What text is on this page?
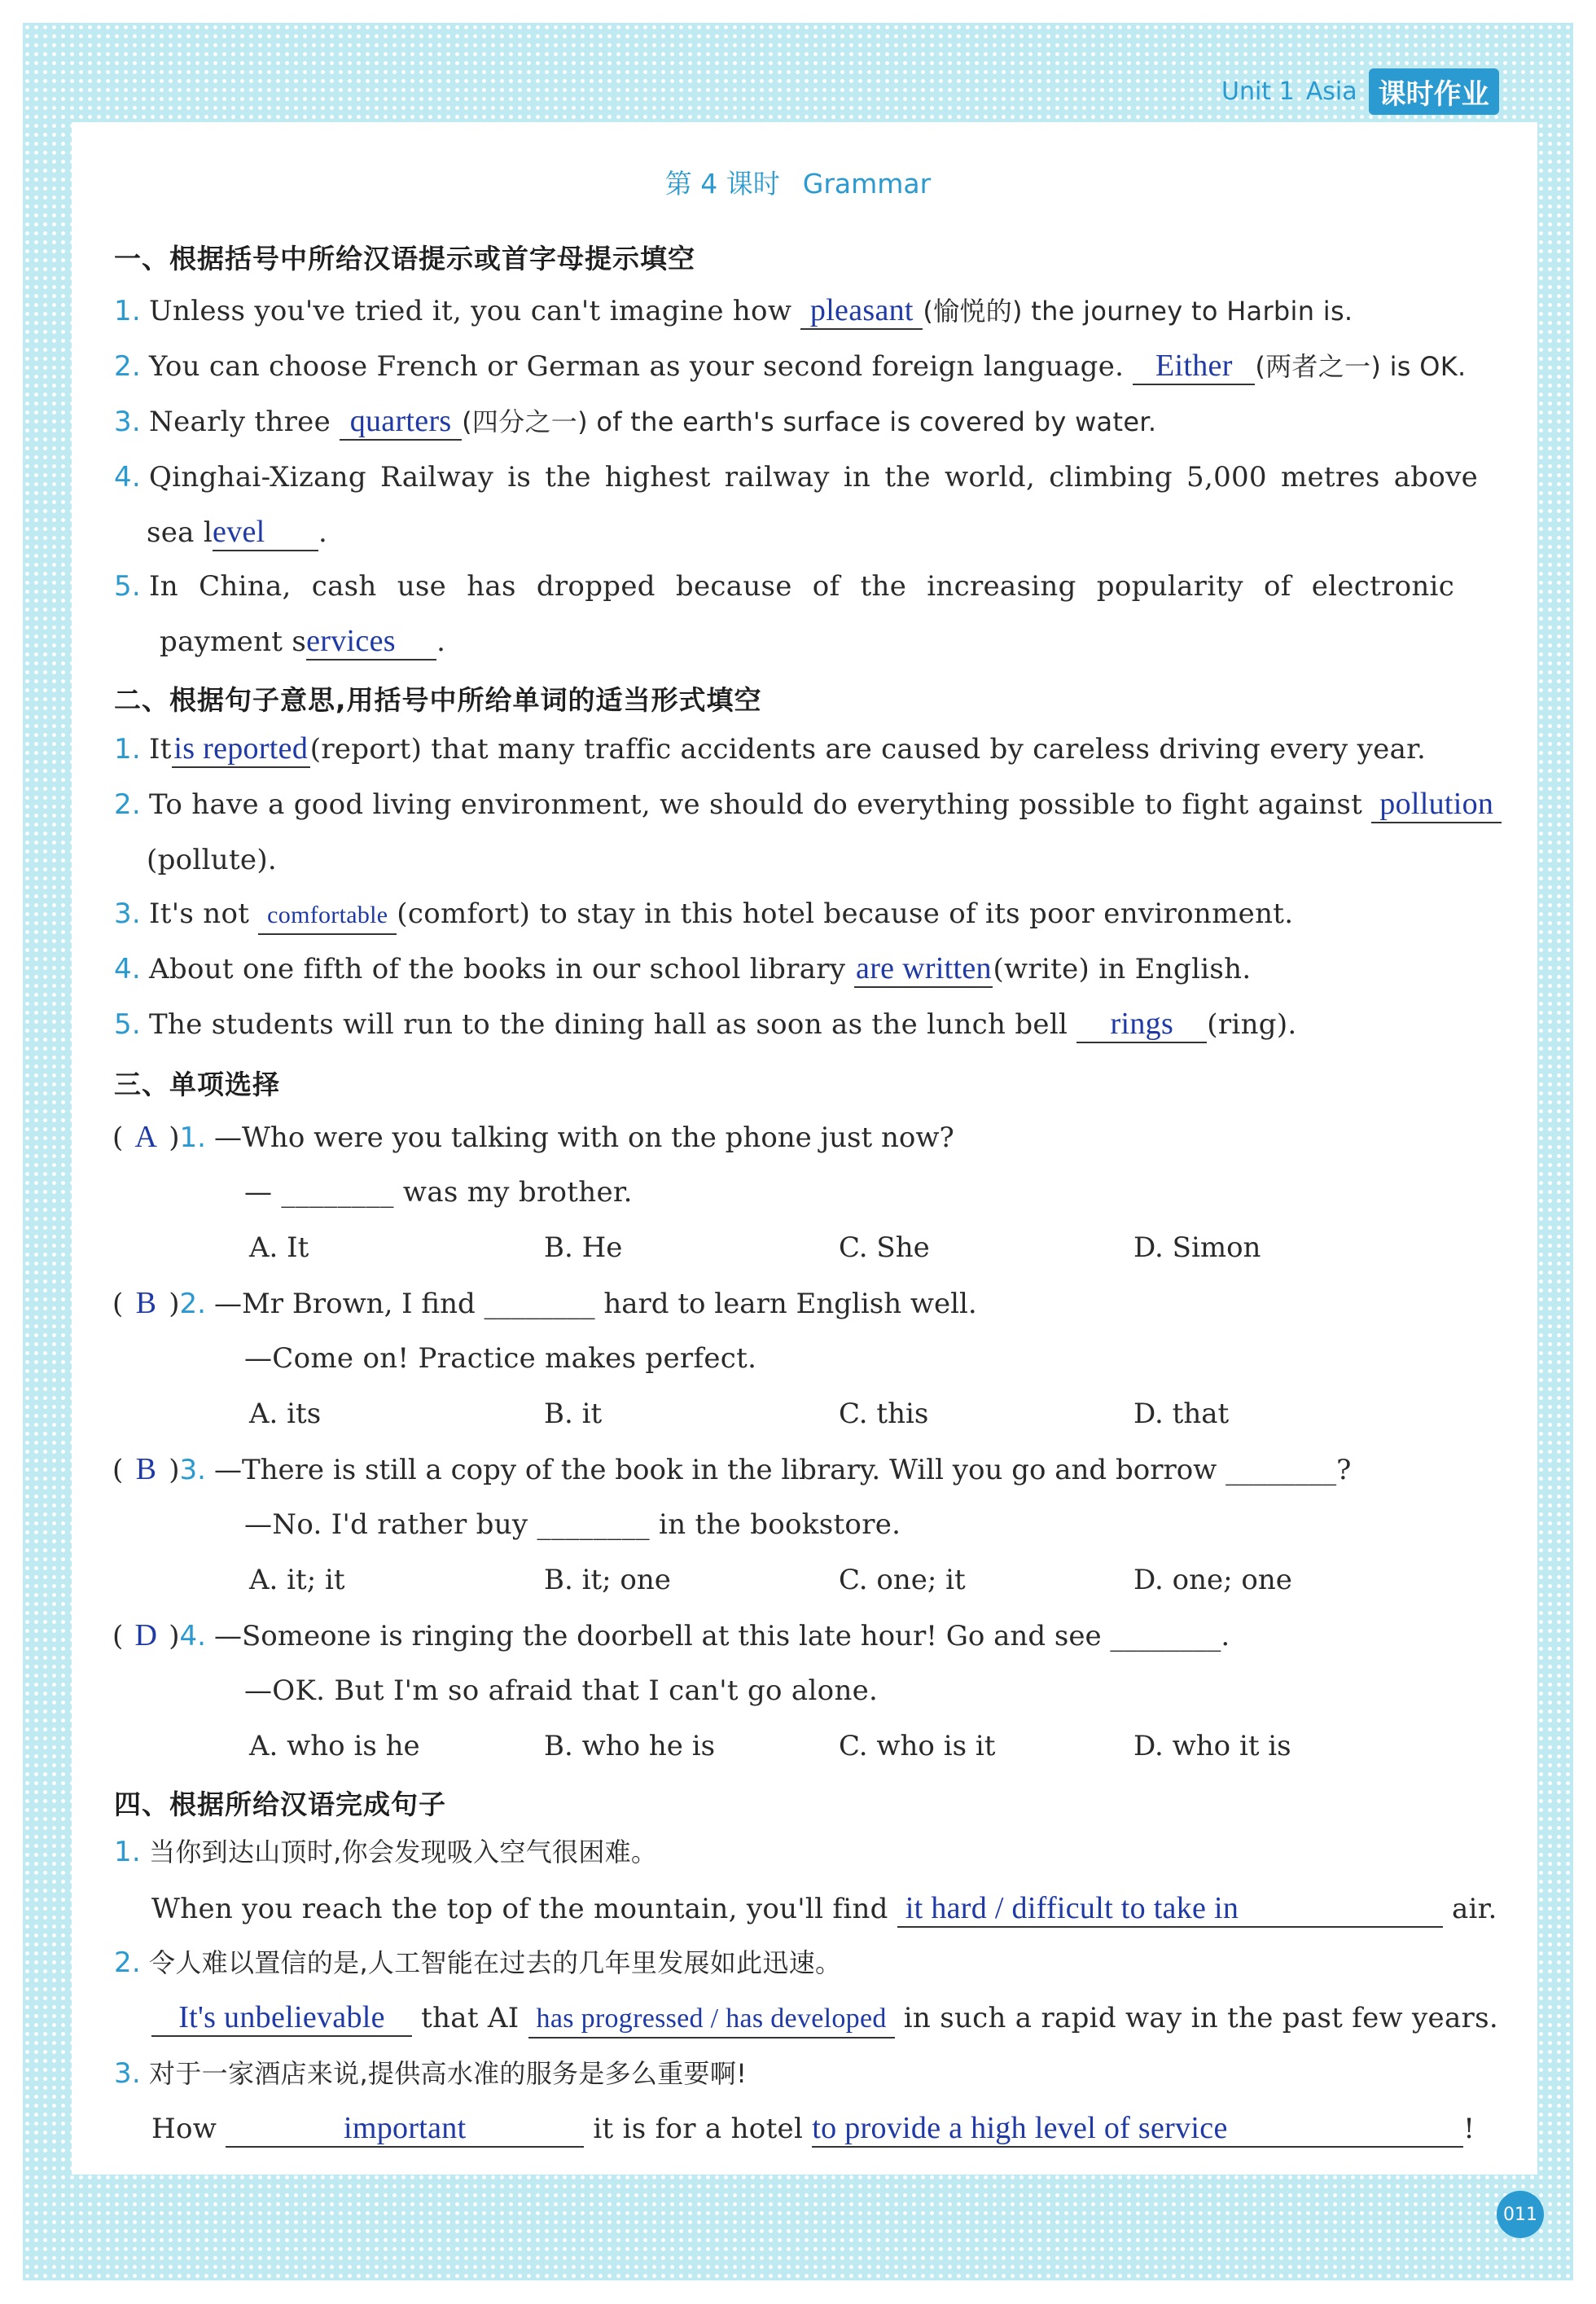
Unit 1 Asia 课时作业
第 4 课时 Grammar
一、根据括号中所给汉语提示或首字母提示填空
1. Unless you've tried it, you can't imagine how pleasant (愉悦的) the journey to Harbin is.
2. You can choose French or German as your second foreign language. Either (两者之一) is OK.
3. Nearly three quarters (四分之一) of the earth's surface is covered by water.
4. Qinghai-Xizang Railway is the highest railway in the world, climbing 5,000 metres above
sea level .
5. In China, cash use has dropped because of the increasing popularity of electronic
payment services .
二、根据句子意思,用括号中所给单词的适当形式填空
1. Itis reported(report) that many traffic accidents are caused by careless driving every year.
2. To have a good living environment, we should do everything possible to fight against pollution
(pollute).
3. It's not comfortable (comfort) to stay in this hotel because of its poor environment.
4. About one fifth of the books in our school library are written(write) in English.
5. The students will run to the dining hall as soon as the lunch bell rings (ring).
三、单项选择
( A )1. —Who were you talking with on the phone just now?
— ________ was my brother.
A. It	B. He	C. She	D. Simon
( B )2. —Mr Brown, I find ________ hard to learn English well.
—Come on! Practice makes perfect.
A. its	B. it	C. this	D. that
( B )3. —There is still a copy of the book in the library. Will you go and borrow ________?
—No. I'd rather buy ________ in the bookstore.
A. it; it	B. it; one	C. one; it	D. one; one
( D )4. —Someone is ringing the doorbell at this late hour! Go and see ________.
—OK. But I'm so afraid that I can't go alone.
A. who is he	B. who he is	C. who is it	D. who it is
四、根据所给汉语完成句子
1. 当你到达山顶时,你会发现吸入空气很困难。
When you reach the top of the mountain, you'll find it hard / difficult to take in	air.
2. 令人难以置信的是,人工智能在过去的几年里发展如此迅速。
It's unbelievable that AI has progressed / has developed in such a rapid way in the past few years.
3. 对于一家酒店来说,提供高水准的服务是多么重要啊!
How	important	it is for a hotel to provide a high level of service	!
011
